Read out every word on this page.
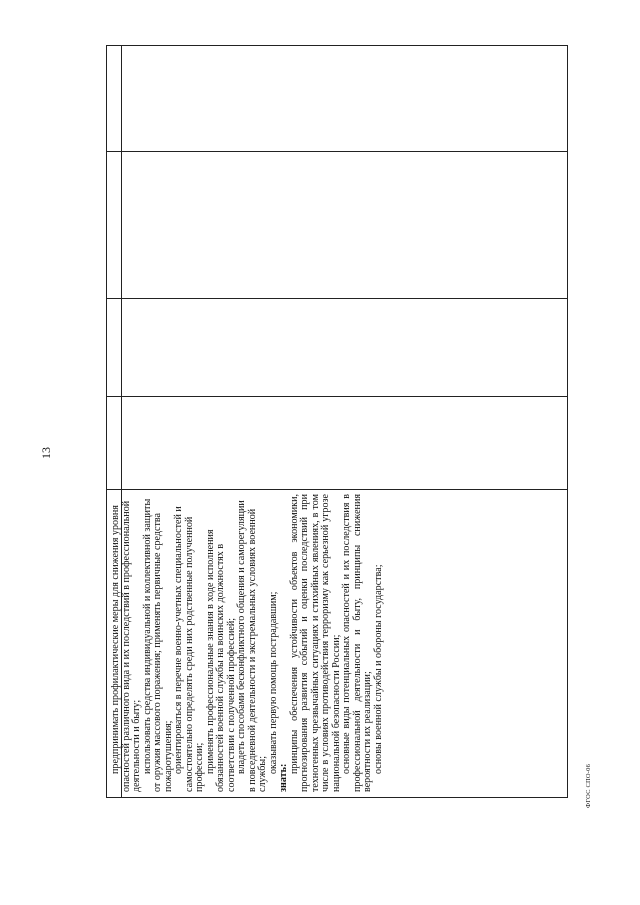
13

предпринимать профилактические меры для снижения уровня опасностей различного вида и их последствий в профессиональной деятельности и быту; использовать средства индивидуальной и коллективной защиты от оружия массового поражения; применять первичные средства пожаротушения; ориентироваться в перечне военно-учетных специальностей и самостоятельно определять среди них родственные полученной профессии; применять профессиональные знания в ходе исполнения обязанностей военной службы на воинских должностях в соответствии с полученной профессией; владеть способами бесконфликтного общения и саморегуляции в повседневной деятельности и экстремальных условиях военной службы; оказывать первую помощь пострадавшим;

знать:

принципы обеспечения устойчивости объектов экономики, прогнозирования развития событий и оценки последствий при техногенных чрезвычайных ситуациях и стихийных явлениях, в том числе в условиях противодействия терроризму как серьезной угрозе национальной безопасности России; основные виды потенциальных опасностей и их последствия в профессиональной деятельности и быту, принципы снижения вероятности их реализации; основы военной службы и обороны государства;

ФГОС СПО-06
